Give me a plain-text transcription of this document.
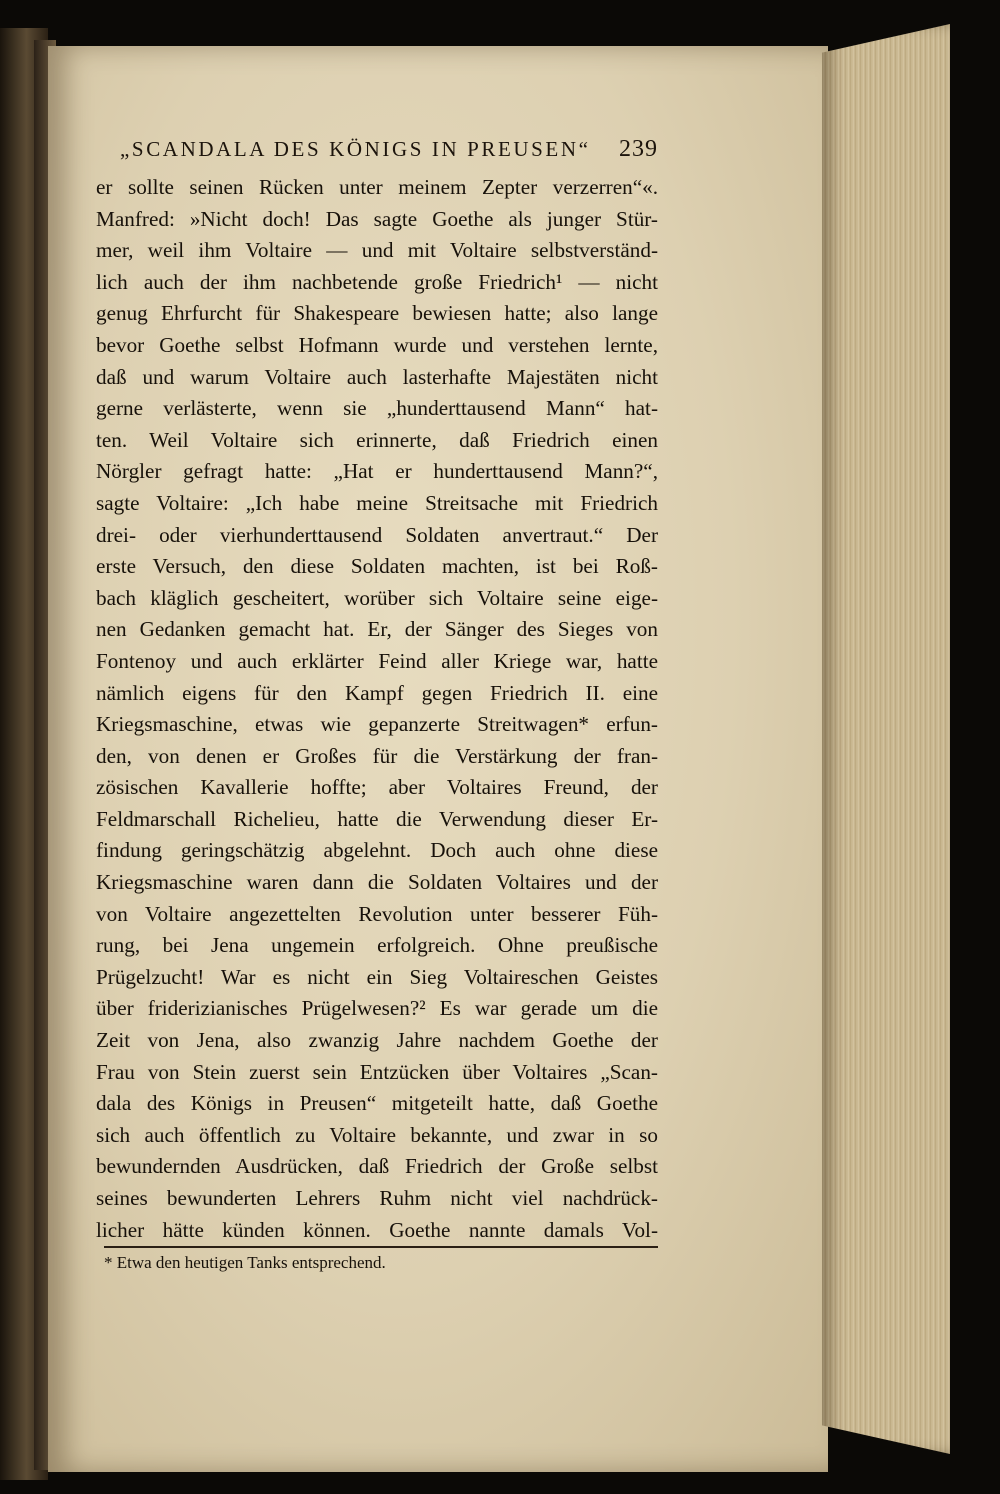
„SCANDALA DES KÖNIGS IN PREUSEN“ 239
er sollte seinen Rücken unter meinem Zepter verzerren“«.
Manfred: »Nicht doch! Das sagte Goethe als junger Stür-
mer, weil ihm Voltaire — und mit Voltaire selbstverständ-
lich auch der ihm nachbetende große Friedrich¹ — nicht
genug Ehrfurcht für Shakespeare bewiesen hatte; also lange
bevor Goethe selbst Hofmann wurde und verstehen lernte,
daß und warum Voltaire auch lasterhafte Majestäten nicht
gerne verlästerte, wenn sie „hunderttausend Mann“ hat-
ten. Weil Voltaire sich erinnerte, daß Friedrich einen
Nörgler gefragt hatte: „Hat er hunderttausend Mann?“,
sagte Voltaire: „Ich habe meine Streitsache mit Friedrich
drei- oder vierhunderttausend Soldaten anvertraut.“ Der
erste Versuch, den diese Soldaten machten, ist bei Roß-
bach kläglich gescheitert, worüber sich Voltaire seine eige-
nen Gedanken gemacht hat. Er, der Sänger des Sieges von
Fontenoy und auch erklärter Feind aller Kriege war, hatte
nämlich eigens für den Kampf gegen Friedrich II. eine
Kriegsmaschine, etwas wie gepanzerte Streitwagen* erfun-
den, von denen er Großes für die Verstärkung der fran-
zösischen Kavallerie hoffte; aber Voltaires Freund, der
Feldmarschall Richelieu, hatte die Verwendung dieser Er-
findung geringschätzig abgelehnt. Doch auch ohne diese
Kriegsmaschine waren dann die Soldaten Voltaires und der
von Voltaire angezettelten Revolution unter besserer Füh-
rung, bei Jena ungemein erfolgreich. Ohne preußische
Prügelzucht! War es nicht ein Sieg Voltaireschen Geistes
über friderizianisches Prügelwesen?² Es war gerade um die
Zeit von Jena, also zwanzig Jahre nachdem Goethe der
Frau von Stein zuerst sein Entzücken über Voltaires „Scan-
dala des Königs in Preusen“ mitgeteilt hatte, daß Goethe
sich auch öffentlich zu Voltaire bekannte, und zwar in so
bewundernden Ausdrücken, daß Friedrich der Große selbst
seines bewunderten Lehrers Ruhm nicht viel nachdrück-
licher hätte künden können. Goethe nannte damals Vol-
* Etwa den heutigen Tanks entsprechend.
